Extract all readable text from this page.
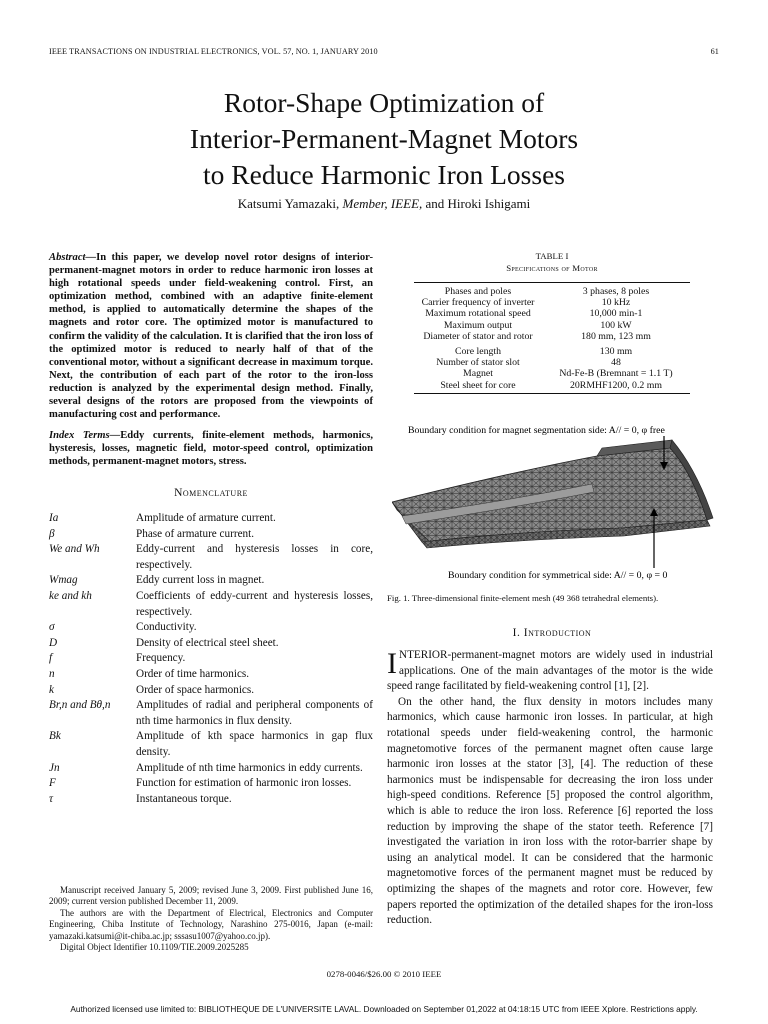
IEEE TRANSACTIONS ON INDUSTRIAL ELECTRONICS, VOL. 57, NO. 1, JANUARY 2010	61
Rotor-Shape Optimization of
Interior-Permanent-Magnet Motors
to Reduce Harmonic Iron Losses
Katsumi Yamazaki, Member, IEEE, and Hiroki Ishigami
Abstract—In this paper, we develop novel rotor designs of interior-permanent-magnet motors in order to reduce harmonic iron losses at high rotational speeds under field-weakening control. First, an optimization method, combined with an adaptive finite-element method, is applied to automatically determine the shapes of the magnets and rotor core. The optimized motor is manufactured to confirm the validity of the calculation. It is clarified that the iron loss of the optimized motor is reduced to nearly half of that of the conventional motor, without a significant decrease in maximum torque. Next, the contribution of each part of the rotor to the iron-loss reduction is analyzed by the experimental design method. Finally, several designs of the rotors are proposed from the viewpoints of manufacturing cost and performance.
Index Terms—Eddy currents, finite-element methods, harmonics, hysteresis, losses, magnetic field, motor-speed control, optimization methods, permanent-magnet motors, stress.
Nomenclature
Ia	Amplitude of armature current.
β	Phase of armature current.
We and Wh	Eddy-current and hysteresis losses in core, respectively.
Wmag	Eddy current loss in magnet.
ke and kh	Coefficients of eddy-current and hysteresis losses, respectively.
σ	Conductivity.
D	Density of electrical steel sheet.
f	Frequency.
n	Order of time harmonics.
k	Order of space harmonics.
Br,n and Bθ,n	Amplitudes of radial and peripheral components of nth time harmonics in flux density.
Bk	Amplitude of kth space harmonics in gap flux density.
Jn	Amplitude of nth time harmonics in eddy currents.
F	Function for estimation of harmonic iron losses.
τ	Instantaneous torque.

Manuscript received January 5, 2009; revised June 3, 2009. First published June 16, 2009; current version published December 11, 2009.

The authors are with the Department of Electrical, Electronics and Computer Engineering, Chiba Institute of Technology, Narashino 275-0016, Japan (e-mail: yamazaki.katsumi@it-chiba.ac.jp; sssasu1007@yahoo.co.jp).

Digital Object Identifier 10.1109/TIE.2009.2025285

TABLE I
Specifications of Motor
Phases and poles	3 phases, 8 poles
Carrier frequency of inverter	10 kHz
Maximum rotational speed	10,000 min-1
Maximum output	100 kW
Diameter of stator and rotor	180 mm, 123 mm
Core length	130 mm
Number of stator slot	48
Magnet	Nd-Fe-B (Bremnant = 1.1 T)
Steel sheet for core	20RMHF1200, 0.2 mm
Boundary condition for magnet segmentation side: A// = 0, φ free
Boundary condition for symmetrical side: A// = 0, φ = 0
Fig. 1. Three-dimensional finite-element mesh (49 368 tetrahedral elements).
I. Introduction

INTERIOR-permanent-magnet motors are widely used in industrial applications. One of the main advantages of the motor is the wide speed range facilitated by field-weakening control [1], [2].

On the other hand, the flux density in motors includes many harmonics, which cause harmonic iron losses. In particular, at high rotational speeds under field-weakening control, the harmonic magnetomotive forces of the permanent magnet often cause large harmonic iron losses at the stator [3], [4]. The reduction of these harmonics must be indispensable for decreasing the iron loss under high-speed conditions. Reference [5] proposed the control algorithm, which is able to reduce the iron loss. Reference [6] reported the loss reduction by improving the shape of the stator teeth. Reference [7] investigated the variation in iron loss with the rotor-barrier shape by using an analytical model. It can be considered that the harmonic magnetomotive forces of the permanent magnet must be reduced by optimizing the shapes of the magnets and rotor core. However, few papers reported the optimization of the detailed shapes for the iron-loss reduction.

0278-0046/$26.00 © 2010 IEEE
Authorized licensed use limited to: BIBLIOTHEQUE DE L'UNIVERSITE LAVAL. Downloaded on September 01,2022 at 04:18:15 UTC from IEEE Xplore. Restrictions apply.
